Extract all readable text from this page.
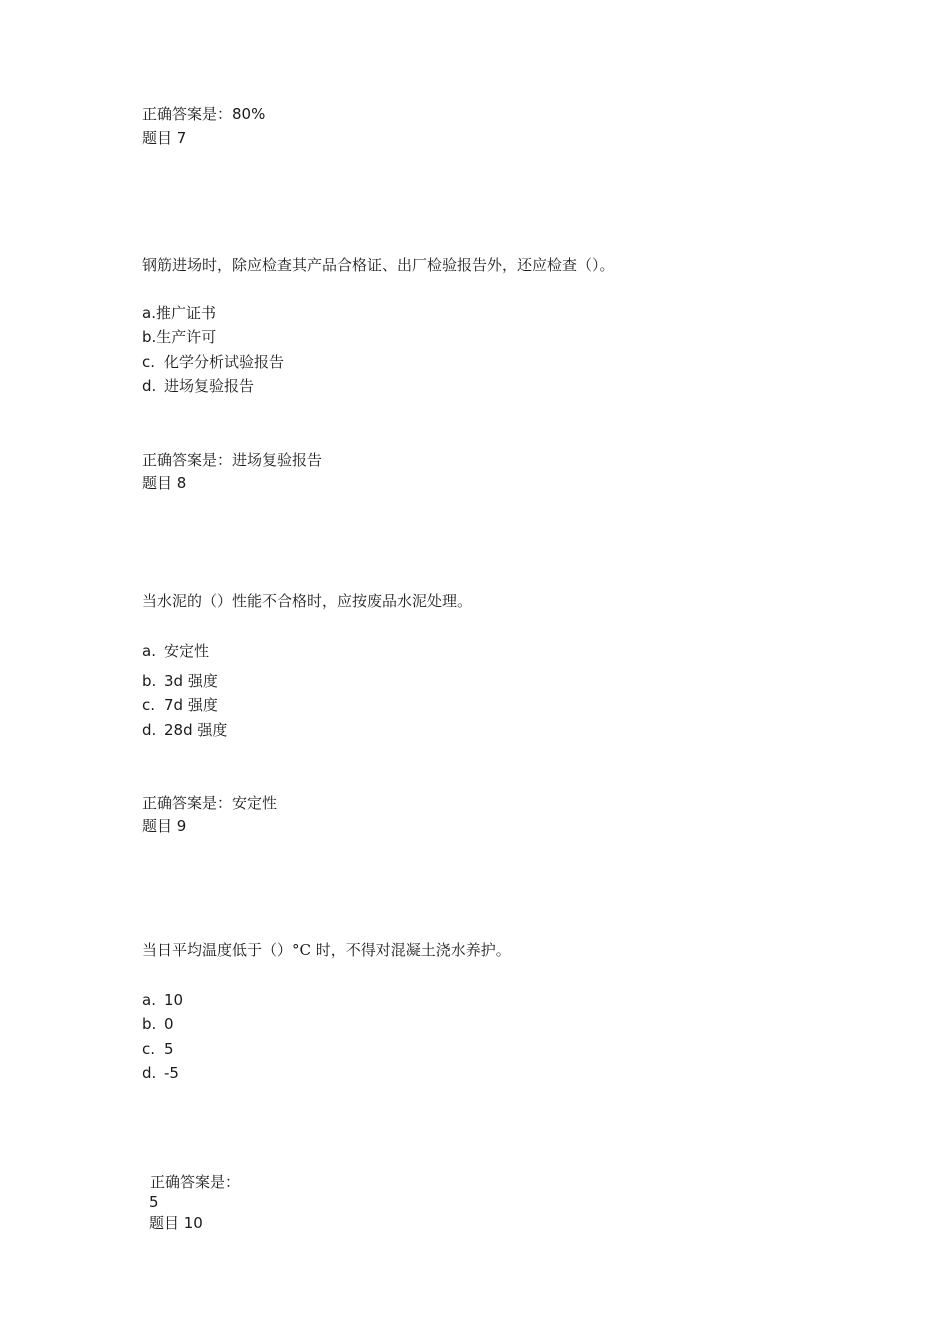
正确答案是：80%
题目 7
钢筋进场时，除应检查其产品合格证、出厂检验报告外，还应检查（）。
a.推广证书
b.生产许可
c. 化学分析试验报告
d. 进场复验报告
正确答案是：进场复验报告
题目 8
当水泥的（）性能不合格时，应按废品水泥处理。
a. 安定性
b. 3d 强度
c. 7d 强度
d. 28d 强度
正确答案是：安定性
题目 9
当日平均温度低于（）°C 时，不得对混凝土浇水养护。
a. 10
b. 0
c. 5
d. -5
正确答案是：
5
题目 10
